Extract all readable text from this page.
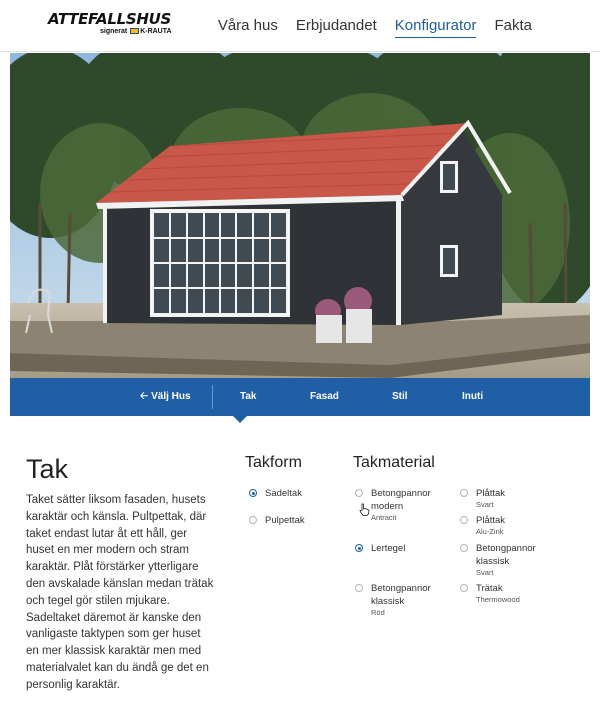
ATTEFALLSHUS
signerat K-RAUTA	Våra hus Erbjudandet Konfigurator Fakta
🡠 Välj Hus	Tak	Fasad	Stil	Inuti
Tak

Taket sätter liksom fasaden, husets karaktär och känsla. Pultpettak, där taket endast lutar åt ett håll, ger huset en mer modern och stram karaktär. Plåt förstärker ytterligare den avskalade känslan medan trätak och tegel gör stilen mjukare. Sadeltaket däremot är kanske den vanligaste taktypen som ger huset en mer klassisk karaktär men med materialvalet kan du ändå ge det en personlig karaktär.

Takform	Takmaterial
Sadeltak
Pulpettak
Betongpannor modern
Antracit
Lertegel
Betongpannor klassisk
Röd
Plåttak
Svart
Plåttak
Alu-Zink
Betongpannor klassisk
Svart
Trätak
Thermowood
